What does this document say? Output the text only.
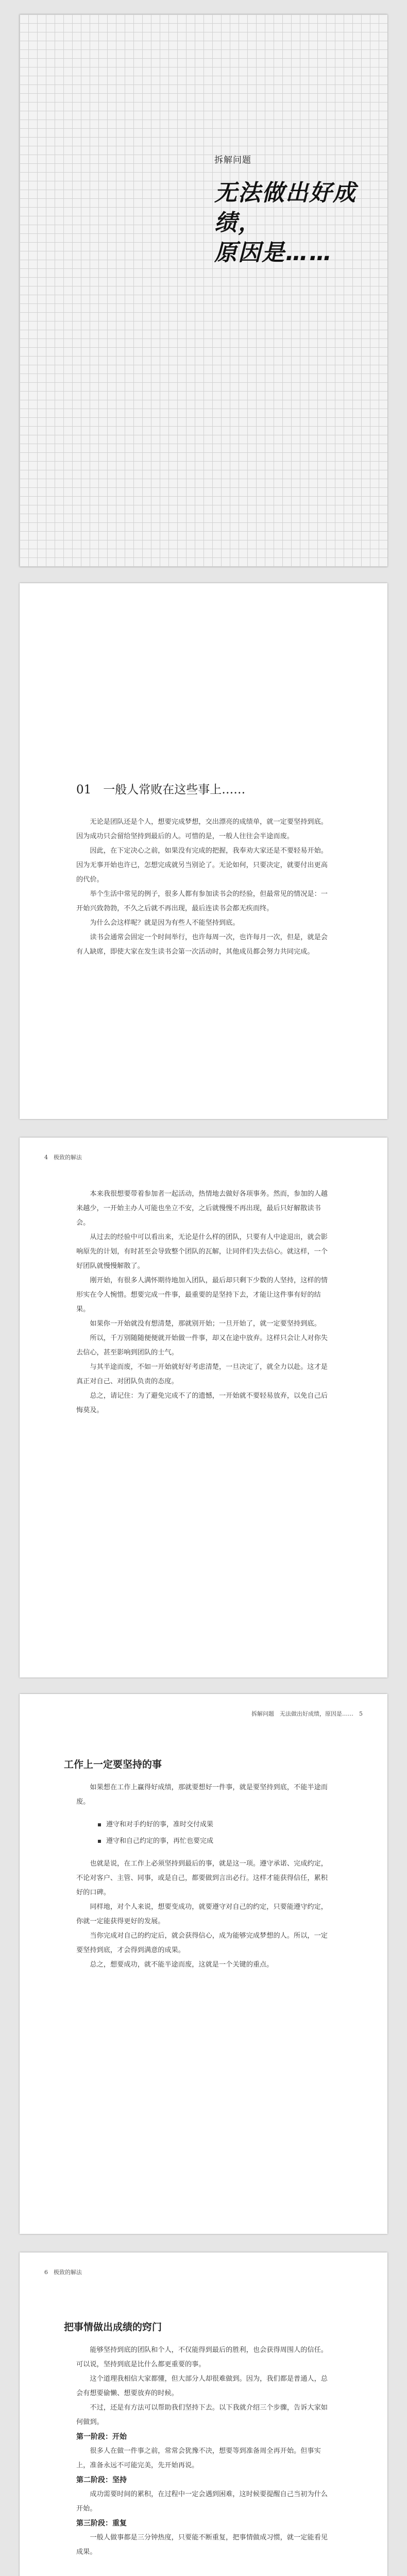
拆解问题
无法做出好成绩，
原因是……
01　一般人常败在这些事上……

无论是团队还是个人，想要完成梦想，交出漂亮的成绩单，就一定要坚持到底。因为成功只会留给坚持到最后的人。可惜的是，一般人往往会半途而废。

因此，在下定决心之前，如果没有完成的把握，我奉劝大家还是不要轻易开始。因为无事开始也许已，怎想完成就另当别论了。无论如何，只要决定，就要付出更高的代价。

举个生活中常见的例子，很多人都有参加读书会的经验，但最常见的情况是：一开始兴致勃勃，不久之后就不再出现，最后连读书会都无疾而终。

为什么会这样呢？就是因为有些人不能坚持到底。

读书会通常会固定一个时间举行，也许每周一次，也许每月一次，但是，就是会有人缺席，即使大家在发生读书会第一次活动时，其他成员都会努力共同完成。

4　极致的解法

本来我很想要带着参加者一起活动，热情地去做好各项事务。然而，参加的人越来越少，一开始主办人可能也坐立不安，之后就慢慢不再出现，最后只好解散读书会。

从过去的经验中可以看出来，无论是什么样的团队，只要有人中途退出，就会影响原先的计划，有时甚至会导致整个团队的瓦解，让同伴们失去信心。就这样，一个好团队就慢慢解散了。

刚开始，有很多人满怀期待地加入团队，最后却只剩下少数的人坚持，这样的情形实在令人惋惜。想要完成一件事，最重要的是坚持下去，才能让这件事有好的结果。

如果你一开始就没有想清楚，那就别开始；一旦开始了，就一定要坚持到底。

所以，千万别随随便便就开始做一件事，却又在途中放弃。这样只会让人对你失去信心，甚至影响到团队的士气。

与其半途而废，不如一开始就好好考虑清楚，一旦决定了，就全力以赴。这才是真正对自己、对团队负责的态度。

总之，请记住：为了避免完成不了的遗憾，一开始就不要轻易放弃，以免自己后悔莫及。

拆解问题　无法做出好成绩，原因是……　5
工作上一定要坚持的事

如果想在工作上赢得好成绩，那就要想好一件事，就是要坚持到底，不能半途而废。

遵守和对手约好的事，准时交付成果
遵守和自己约定的事，再忙也要完成

也就是说，在工作上必须坚持到最后的事，就是这一项。遵守承诺、完成约定，不论对客户、主管、同事，或是自己，都要做到言出必行。这样才能获得信任，累积好的口碑。

同样地，对个人来说，想要变成功，就要遵守对自己的约定，只要能遵守约定，你就一定能获得更好的发展。

当你完成对自己的约定后，就会获得信心，成为能够完成梦想的人。所以，一定要坚持到底，才会得到满意的成果。

总之，想要成功，就不能半途而废，这就是一个关键的重点。

6　极致的解法
把事情做出成绩的窍门

能够坚持到底的团队和个人，不仅能得到最后的胜利，也会获得周围人的信任。可以说，坚持到底是比什么都更重要的事。

这个道理我相信大家都懂，但大部分人却很难做到。因为，我们都是普通人，总会有想要偷懒、想要放弃的时候。

不过，还是有方法可以帮助我们坚持下去。以下我就介绍三个步骤，告诉大家如何做到。

第一阶段：开始

很多人在做一件事之前，常常会犹豫不决，想要等到准备周全再开始。但事实上，准备永远不可能完美，先开始再说。

第二阶段：坚持

成功需要时间的累积，在过程中一定会遇到困难，这时候要提醒自己当初为什么开始。

第三阶段：重复

一般人做事都是三分钟热度，只要能不断重复，把事情做成习惯，就一定能看见成果。
